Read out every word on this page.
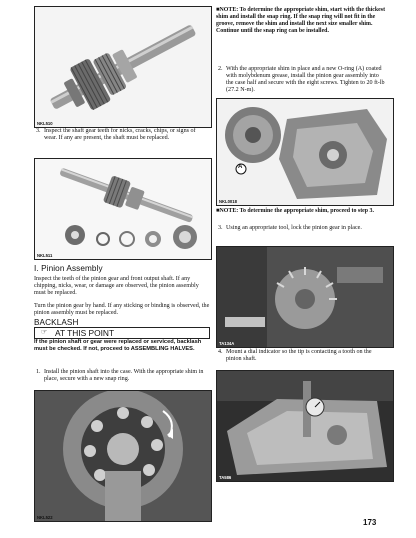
NKL510
3. Inspect the shaft gear teeth for nicks, cracks, chips, or signs of wear. If any are present, the shaft must be replaced.
NKL511
I. Pinion Assembly
Inspect the teeth of the pinion gear and front output shaft. If any chipping, nicks, wear, or damage are observed, the pinion assembly must be replaced.
Turn the pinion gear by hand. If any sticking or binding is observed, the pinion assembly must be replaced.
BACKLASH
☞ AT THIS POINT
If the pinion shaft or gear were replaced or serviced, backlash must be checked. If not, proceed to ASSEMBLING HALVES.
1. Install the pinion shaft into the case. With the appropriate shim in place, secure with a new snap ring.
NKL522
■NOTE: To determine the appropriate shim, start with the thickest shim and install the snap ring. If the snap ring will not fit in the groove, remove the shim and install the next size smaller shim. Continue until the snap ring can be installed.
2. With the appropriate shim in place and a new O-ring (A) coated with molybdenum grease, install the pinion gear assembly into the case half and secure with the eight screws. Tighten to 20 ft-lb (27.2 N-m).
A
NKL0018
■NOTE: To determine the appropriate shim, proceed to step 3.
3. Using an appropriate tool, lock the pinion gear in place.
TA134A
4. Mount a dial indicator so the tip is contacting a tooth on the pinion shaft.
TA586
173
